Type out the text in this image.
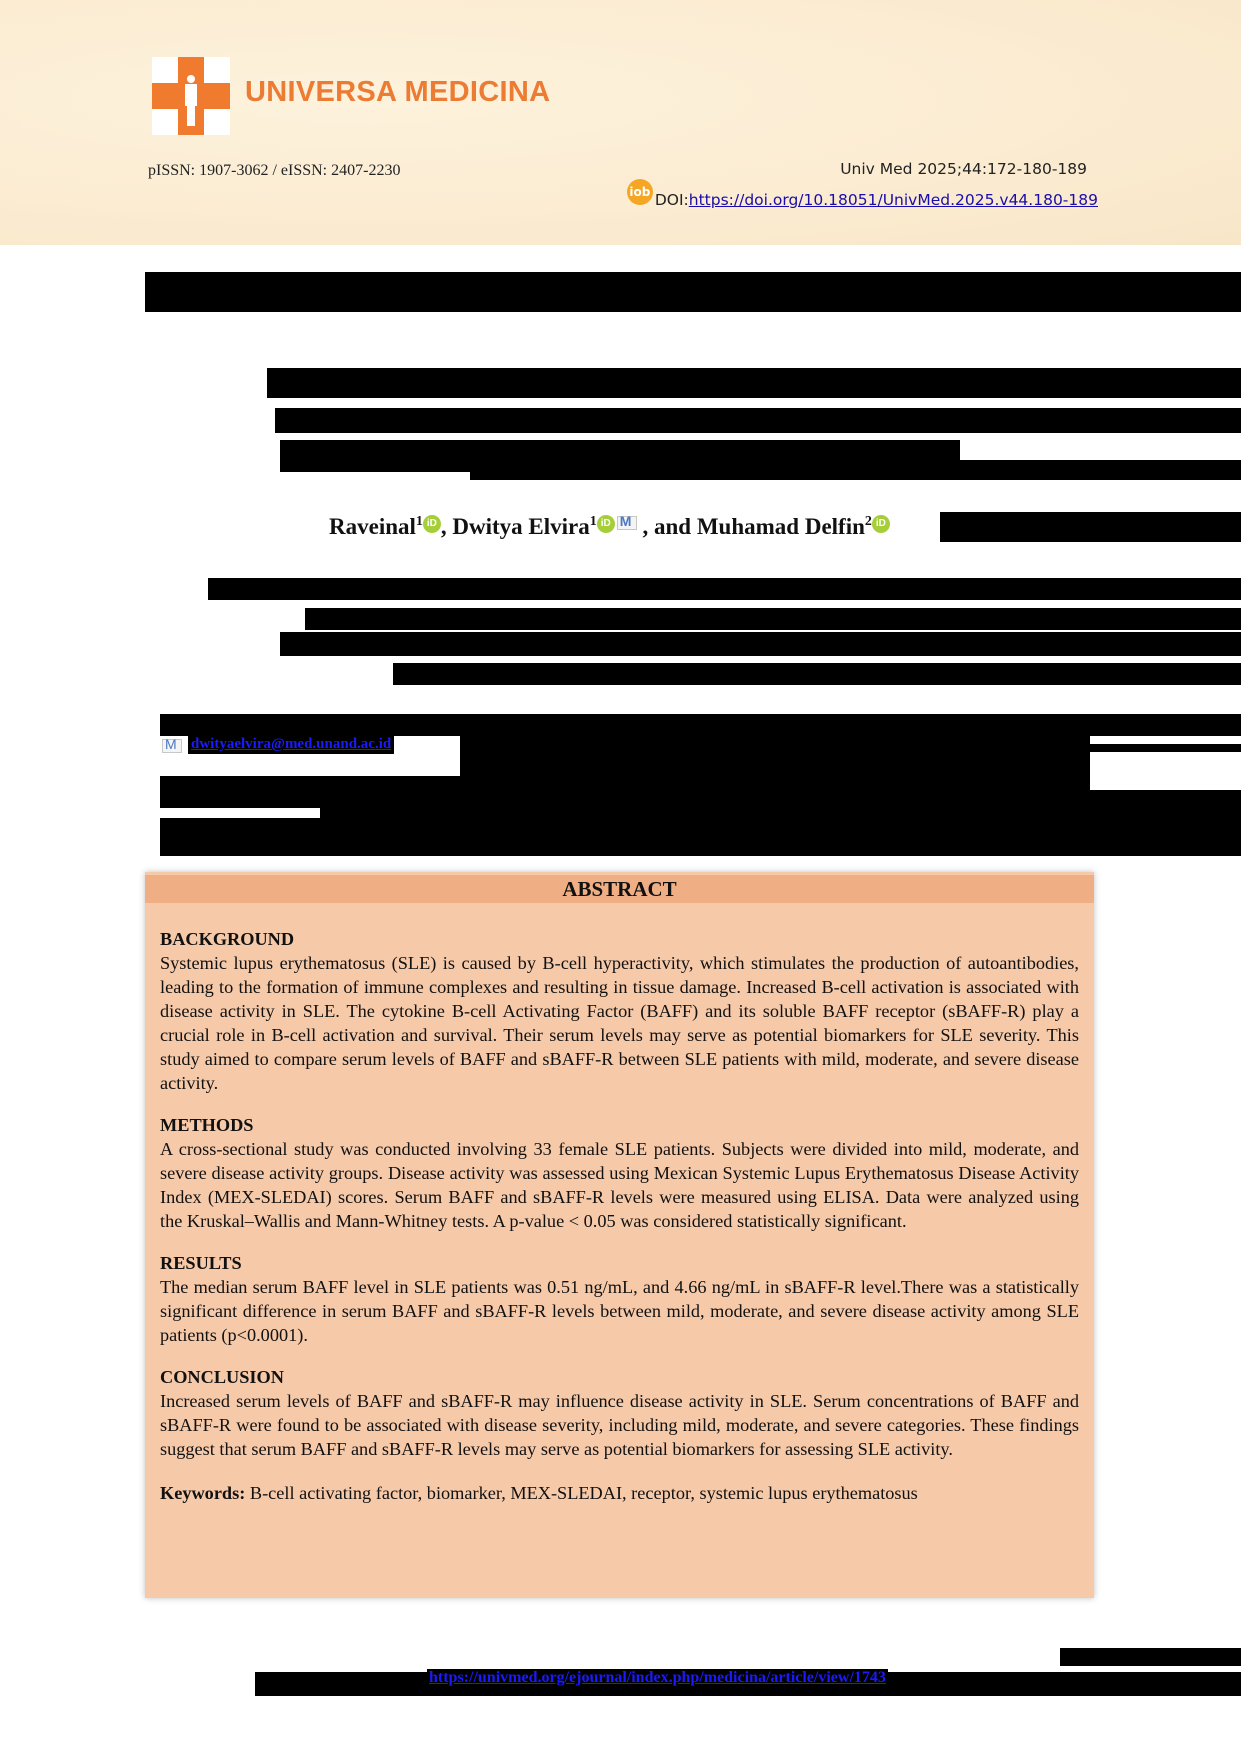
UNIVERSA MEDICINA
pISSN: 1907-3062 / eISSN: 2407-2230	Univ Med 2025;44:172-180-189
iob DOI: https://doi.org/10.18051/UnivMed.2025.v44.180-189
Raveinal$^1$ iD , Dwitya Elvira$^1$ iD M , and Muhamad Delfin$^2$ iD
M
dwityaelvira@med.unand.ac.id
ABSTRACT
BACKGROUND
Systemic lupus erythematosus (SLE) is caused by B-cell hyperactivity, which stimulates the production of autoantibodies, leading to the formation of immune complexes and resulting in tissue damage. Increased B-cell activation is associated with disease activity in SLE. The cytokine B-cell Activating Factor (BAFF) and its soluble BAFF receptor (sBAFF-R) play a crucial role in B-cell activation and survival. Their serum levels may serve as potential biomarkers for SLE severity. This study aimed to compare serum levels of BAFF and sBAFF-R between SLE patients with mild, moderate, and severe disease activity.
METHODS
A cross-sectional study was conducted involving 33 female SLE patients. Subjects were divided into mild, moderate, and severe disease activity groups. Disease activity was assessed using Mexican Systemic Lupus Erythematosus Disease Activity Index (MEX-SLEDAI) scores. Serum BAFF and sBAFF-R levels were measured using ELISA. Data were analyzed using the Kruskal–Wallis and Mann-Whitney tests. A p-value < 0.05 was considered statistically significant.
RESULTS
The median serum BAFF level in SLE patients was 0.51 ng/mL, and 4.66 ng/mL in sBAFF-R level.There was a statistically significant difference in serum BAFF and sBAFF-R levels between mild, moderate, and severe disease activity among SLE patients (p<0.0001).
CONCLUSION
Increased serum levels of BAFF and sBAFF-R may influence disease activity in SLE. Serum concentrations of BAFF and sBAFF-R were found to be associated with disease severity, including mild, moderate, and severe categories. These findings suggest that serum BAFF and sBAFF-R levels may serve as potential biomarkers for assessing SLE activity.
Keywords: B-cell activating factor, biomarker, MEX-SLEDAI, receptor, systemic lupus erythematosus
https://univmed.org/ejournal/index.php/medicina/article/view/1743
